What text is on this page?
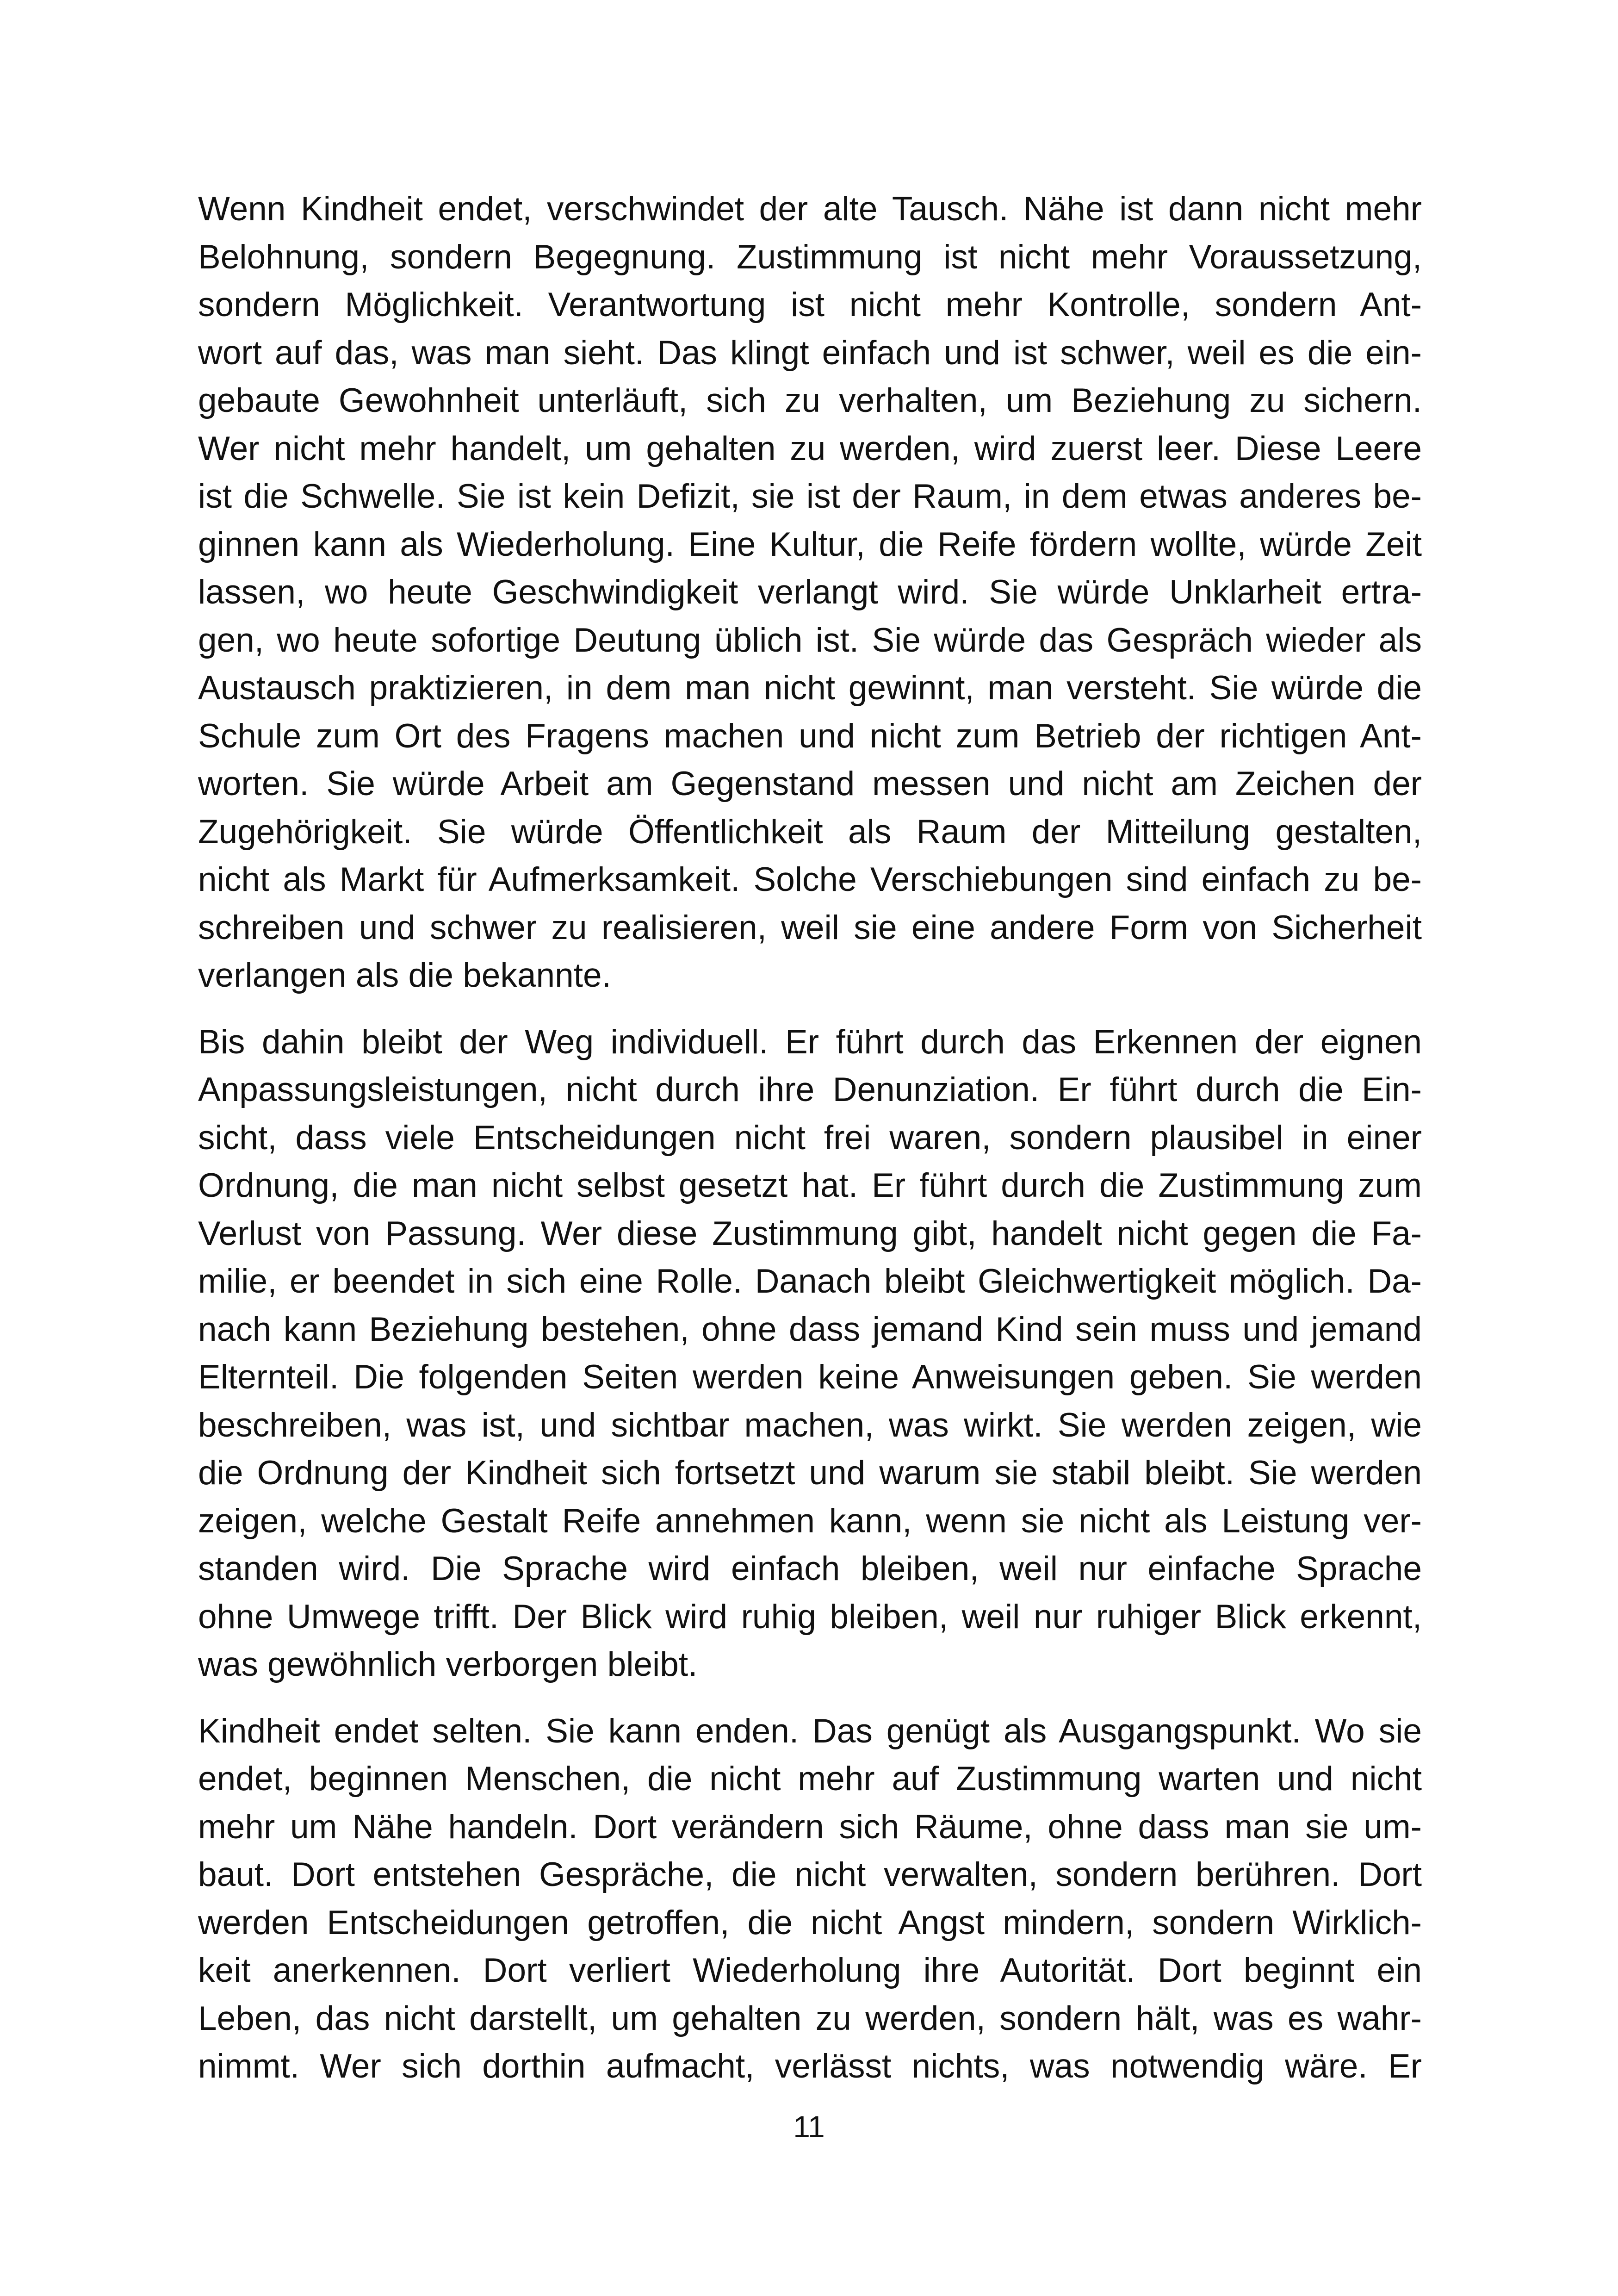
Wenn Kindheit endet, verschwindet der alte Tausch. Nähe ist dann nicht mehr
Belohnung, sondern Begegnung. Zustimmung ist nicht mehr Voraussetzung,
sondern Möglichkeit. Verantwortung ist nicht mehr Kontrolle, sondern Ant-
wort auf das, was man sieht. Das klingt einfach und ist schwer, weil es die ein-
gebaute Gewohnheit unterläuft, sich zu verhalten, um Beziehung zu sichern.
Wer nicht mehr handelt, um gehalten zu werden, wird zuerst leer. Diese Leere
ist die Schwelle. Sie ist kein Defizit, sie ist der Raum, in dem etwas anderes be-
ginnen kann als Wiederholung. Eine Kultur, die Reife fördern wollte, würde Zeit
lassen, wo heute Geschwindigkeit verlangt wird. Sie würde Unklarheit ertra-
gen, wo heute sofortige Deutung üblich ist. Sie würde das Gespräch wieder als
Austausch praktizieren, in dem man nicht gewinnt, man versteht. Sie würde die
Schule zum Ort des Fragens machen und nicht zum Betrieb der richtigen Ant-
worten. Sie würde Arbeit am Gegenstand messen und nicht am Zeichen der
Zugehörigkeit. Sie würde Öffentlichkeit als Raum der Mitteilung gestalten,
nicht als Markt für Aufmerksamkeit. Solche Verschiebungen sind einfach zu be-
schreiben und schwer zu realisieren, weil sie eine andere Form von Sicherheit
verlangen als die bekannte.
Bis dahin bleibt der Weg individuell. Er führt durch das Erkennen der eignen
Anpassungsleistungen, nicht durch ihre Denunziation. Er führt durch die Ein-
sicht, dass viele Entscheidungen nicht frei waren, sondern plausibel in einer
Ordnung, die man nicht selbst gesetzt hat. Er führt durch die Zustimmung zum
Verlust von Passung. Wer diese Zustimmung gibt, handelt nicht gegen die Fa-
milie, er beendet in sich eine Rolle. Danach bleibt Gleichwertigkeit möglich. Da-
nach kann Beziehung bestehen, ohne dass jemand Kind sein muss und jemand
Elternteil. Die folgenden Seiten werden keine Anweisungen geben. Sie werden
beschreiben, was ist, und sichtbar machen, was wirkt. Sie werden zeigen, wie
die Ordnung der Kindheit sich fortsetzt und warum sie stabil bleibt. Sie werden
zeigen, welche Gestalt Reife annehmen kann, wenn sie nicht als Leistung ver-
standen wird. Die Sprache wird einfach bleiben, weil nur einfache Sprache
ohne Umwege trifft. Der Blick wird ruhig bleiben, weil nur ruhiger Blick erkennt,
was gewöhnlich verborgen bleibt.
Kindheit endet selten. Sie kann enden. Das genügt als Ausgangspunkt. Wo sie
endet, beginnen Menschen, die nicht mehr auf Zustimmung warten und nicht
mehr um Nähe handeln. Dort verändern sich Räume, ohne dass man sie um-
baut. Dort entstehen Gespräche, die nicht verwalten, sondern berühren. Dort
werden Entscheidungen getroffen, die nicht Angst mindern, sondern Wirklich-
keit anerkennen. Dort verliert Wiederholung ihre Autorität. Dort beginnt ein
Leben, das nicht darstellt, um gehalten zu werden, sondern hält, was es wahr-
nimmt. Wer sich dorthin aufmacht, verlässt nichts, was notwendig wäre. Er
11
